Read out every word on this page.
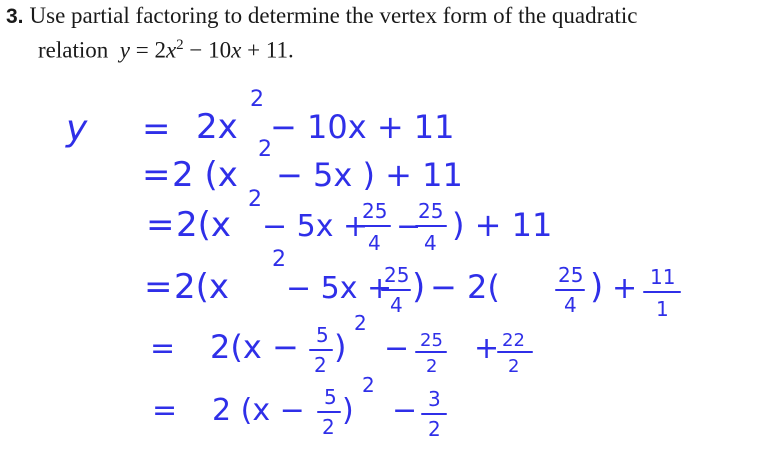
3. Use partial factoring to determine the vertex form of the quadratic
relation $y = 2x^2 - 10x + 11$.
y = 2x
2
− 10x + 11
= 2 (x
2
− 5x ) + 11
= 2(x
2
− 5x +
25
4 −
25
4 ) + 11
= 2(x
2
− 5x +
25
4 ) − 2(	25
4 ) + 11
1
= 2(x − 5
2 )
2
− 25
2
+ 22
2
= 2 (x − 5
2 )
2
− 3
2
